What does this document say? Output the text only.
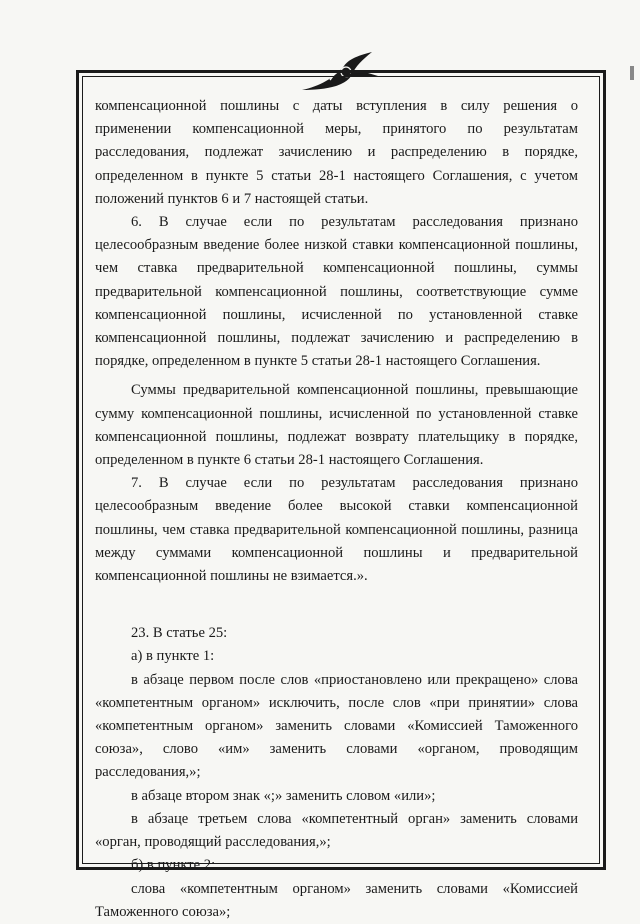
компенсационной пошлины с даты вступления в силу решения о применении компенсационной меры, принятого по результатам расследования, подлежат зачислению и распределению в порядке, определенном в пункте 5 статьи 28-1 настоящего Соглашения, с учетом положений пунктов 6 и 7 настоящей статьи.

6. В случае если по результатам расследования признано целесообразным введение более низкой ставки компенсационной пошлины, чем ставка предварительной компенсационной пошлины, суммы предварительной компенсационной пошлины, соответствующие сумме компенсационной пошлины, исчисленной по установленной ставке компенсационной пошлины, подлежат зачислению и распределению в порядке, определенном в пункте 5 статьи 28-1 настоящего Соглашения.

Суммы предварительной компенсационной пошлины, превышающие сумму компенсационной пошлины, исчисленной по установленной ставке компенсационной пошлины, подлежат возврату плательщику в порядке, определенном в пункте 6 статьи 28-1 настоящего Соглашения.

7. В случае если по результатам расследования признано целесообразным введение более высокой ставки компенсационной пошлины, чем ставка предварительной компенсационной пошлины, разница между суммами компенсационной пошлины и предварительной компенсационной пошлины не взимается.».

23. В статье 25:

а) в пункте 1:

в абзаце первом после слов «приостановлено или прекращено» слова «компетентным органом» исключить, после слов «при принятии» слова «компетентным органом» заменить словами «Комиссией Таможенного союза», слово «им» заменить словами «органом, проводящим расследования,»;

в абзаце втором знак «;» заменить словом «или»;

в абзаце третьем слова «компетентный орган» заменить словами «орган, проводящий расследования,»;

б) в пункте 2:

слова «компетентным органом» заменить словами «Комиссией Таможенного союза»;
